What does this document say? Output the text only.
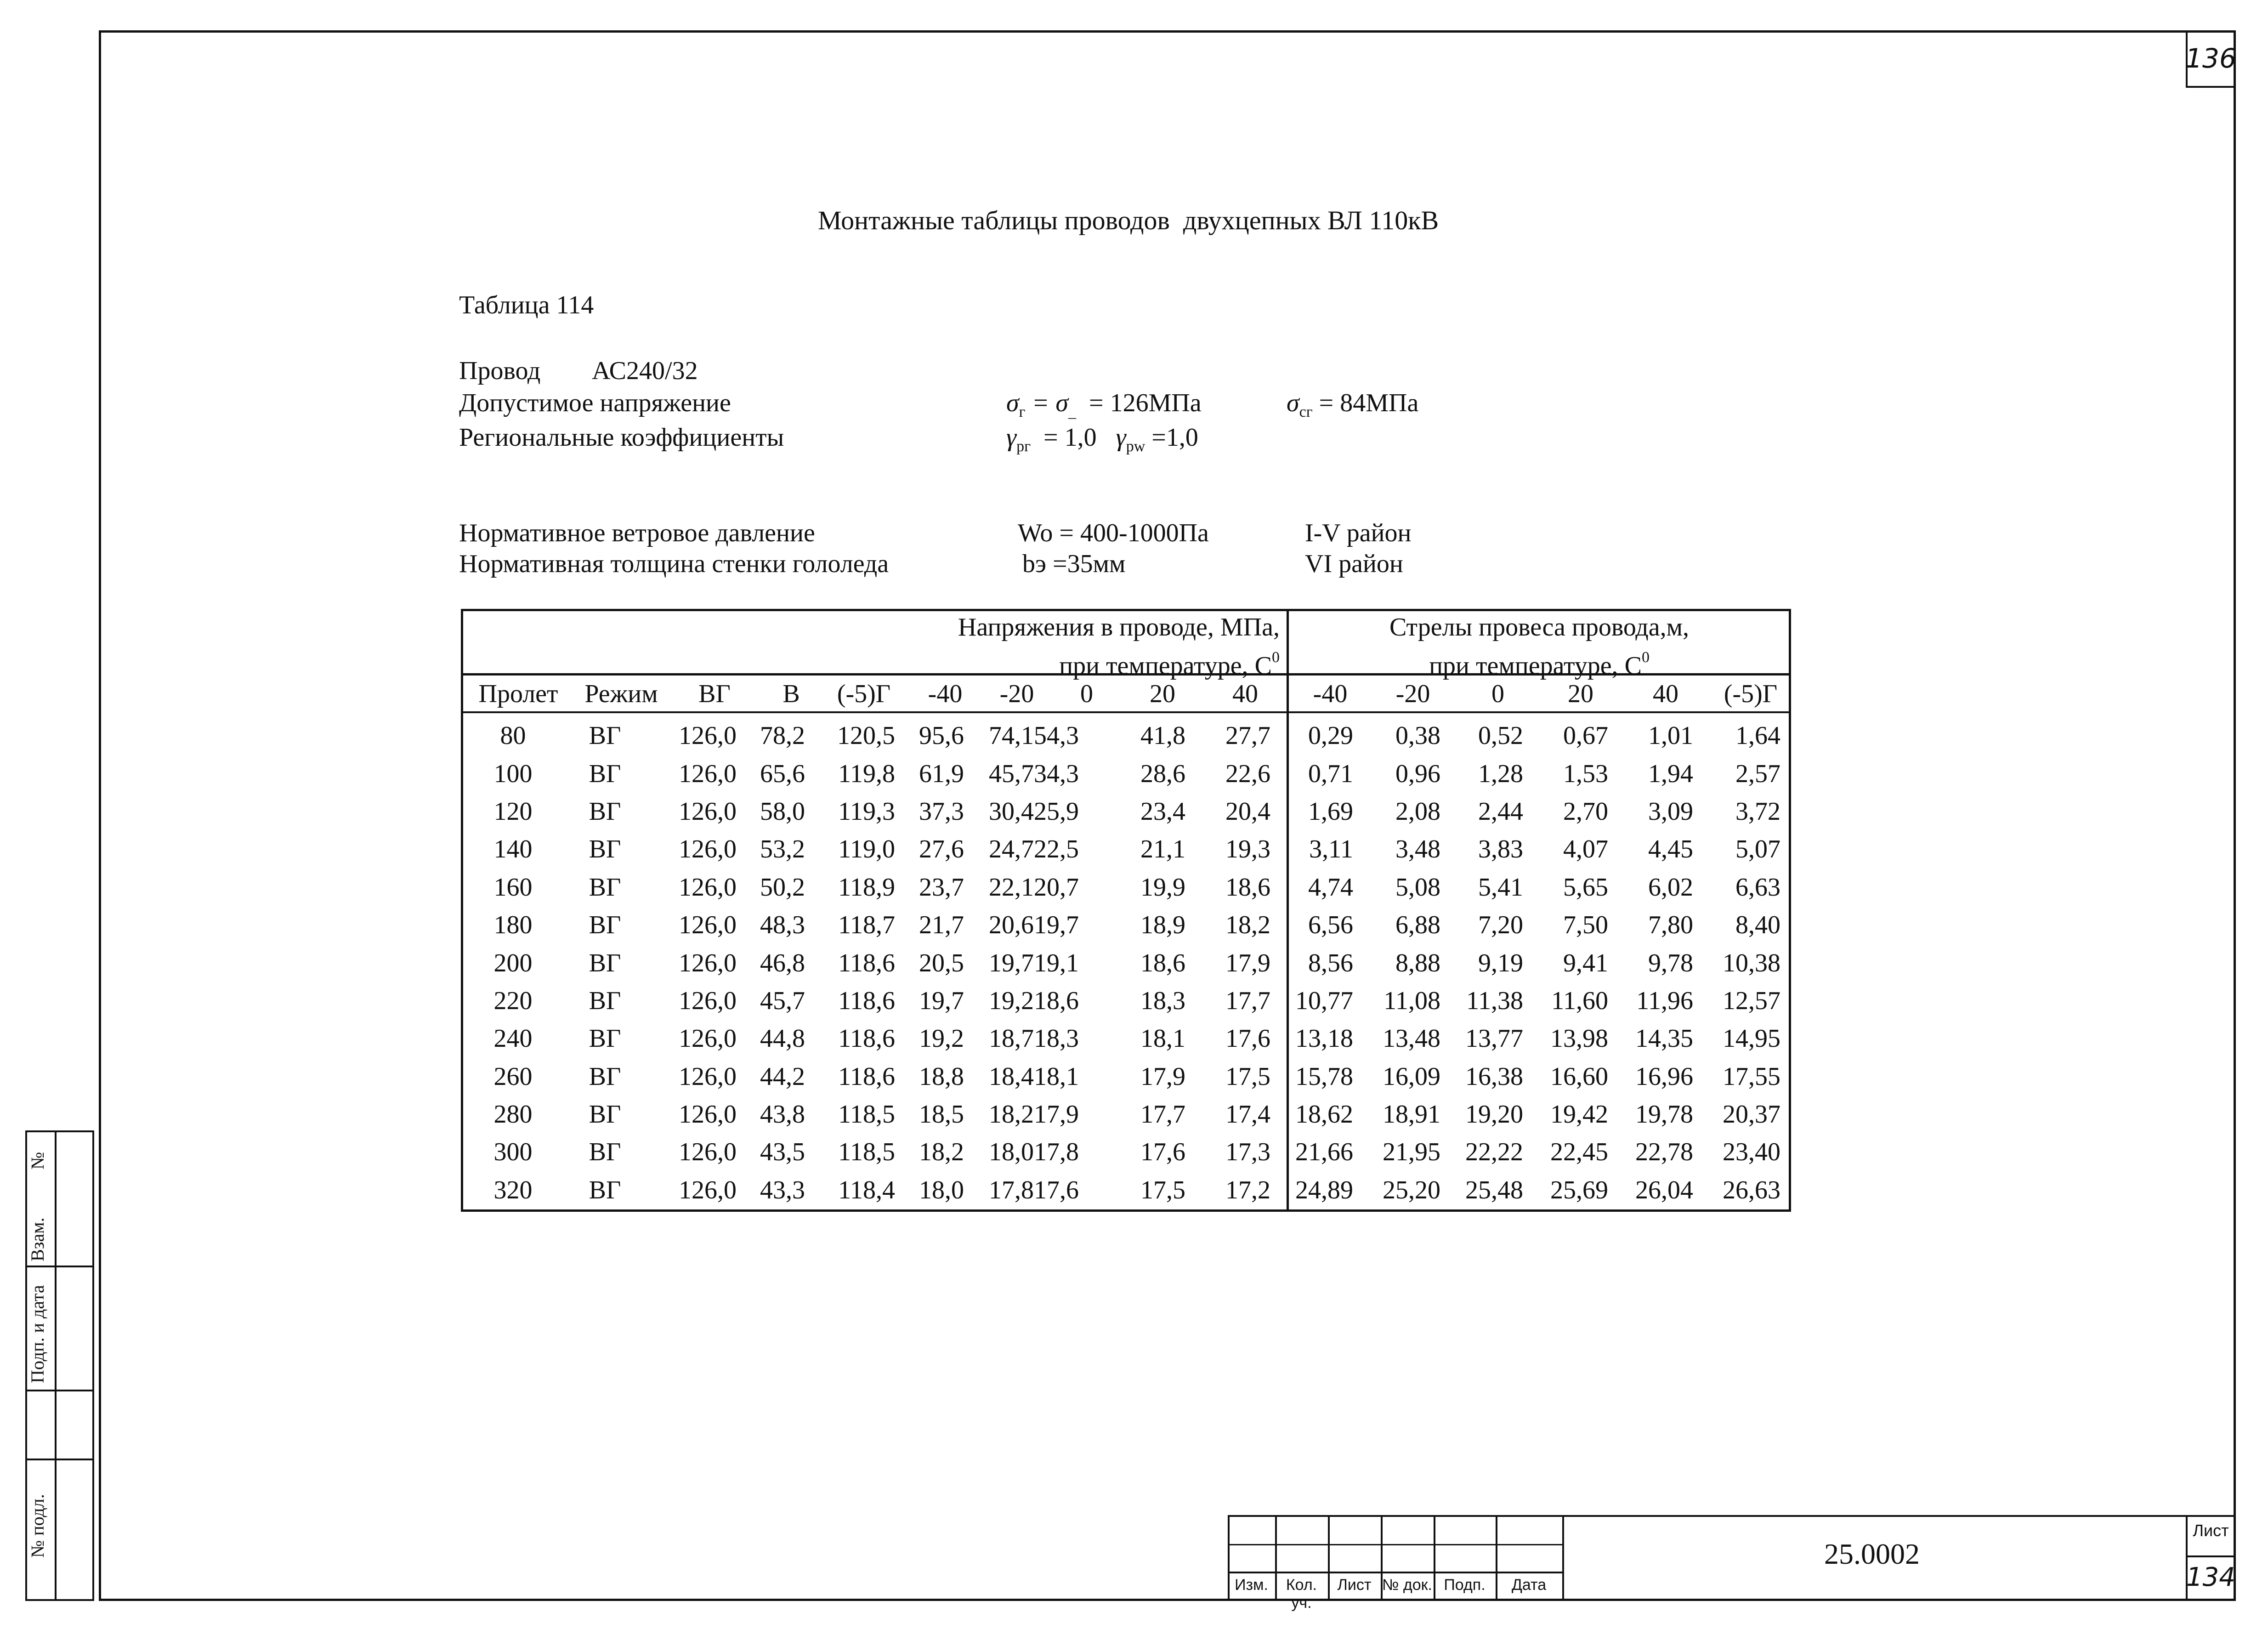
136
Монтажные таблицы проводов  двухцепных ВЛ 110кВ
Таблица 114
Провод АС240/32
Допустимое напряжение	$\sigma_г = \sigma_{\_} = 126МПа$	$\sigma_{сг} = 84МПа$
Региональные коэффициенты	$\gamma_{рг} = 1,0$ $\gamma_{pw} =1,0$
Нормативное ветровое давление	Wo = 400-1000Па	I-V район
Нормативная толщина стенки гололеда	bэ =35мм	VI район
Напряжения в проводе, МПа,
при температуре, $С^0$
Стрелы провеса провода,м,
при температуре, $С^0$
Пролет	Режим	ВГ	В	(-5)Г	-40	-20	0	20	40	-40	-20	0	20	40	(-5)Г
80	ВГ	126,0	78,2	120,5	95,6	74,1	54,3	41,8	27,7	0,29	0,38	0,52	0,67	1,01	1,64
100	ВГ	126,0	65,6	119,8	61,9	45,7	34,3	28,6	22,6	0,71	0,96	1,28	1,53	1,94	2,57
120	ВГ	126,0	58,0	119,3	37,3	30,4	25,9	23,4	20,4	1,69	2,08	2,44	2,70	3,09	3,72
140	ВГ	126,0	53,2	119,0	27,6	24,7	22,5	21,1	19,3	3,11	3,48	3,83	4,07	4,45	5,07
160	ВГ	126,0	50,2	118,9	23,7	22,1	20,7	19,9	18,6	4,74	5,08	5,41	5,65	6,02	6,63
180	ВГ	126,0	48,3	118,7	21,7	20,6	19,7	18,9	18,2	6,56	6,88	7,20	7,50	7,80	8,40
200	ВГ	126,0	46,8	118,6	20,5	19,7	19,1	18,6	17,9	8,56	8,88	9,19	9,41	9,78	10,38
220	ВГ	126,0	45,7	118,6	19,7	19,2	18,6	18,3	17,7	10,77	11,08	11,38	11,60	11,96	12,57
240	ВГ	126,0	44,8	118,6	19,2	18,7	18,3	18,1	17,6	13,18	13,48	13,77	13,98	14,35	14,95
260	ВГ	126,0	44,2	118,6	18,8	18,4	18,1	17,9	17,5	15,78	16,09	16,38	16,60	16,96	17,55
280	ВГ	126,0	43,8	118,5	18,5	18,2	17,9	17,7	17,4	18,62	18,91	19,20	19,42	19,78	20,37
300	ВГ	126,0	43,5	118,5	18,2	18,0	17,8	17,6	17,3	21,66	21,95	22,22	22,45	22,78	23,40
320	ВГ	126,0	43,3	118,4	18,0	17,8	17,6	17,5	17,2	24,89	25,20	25,48	25,69	26,04	26,63
№
Взам.
Подп. и дата
№ подл.
Изм.	Кол. уч.
Лист № док. Подп.	Дата
25.0002
Лист
134
